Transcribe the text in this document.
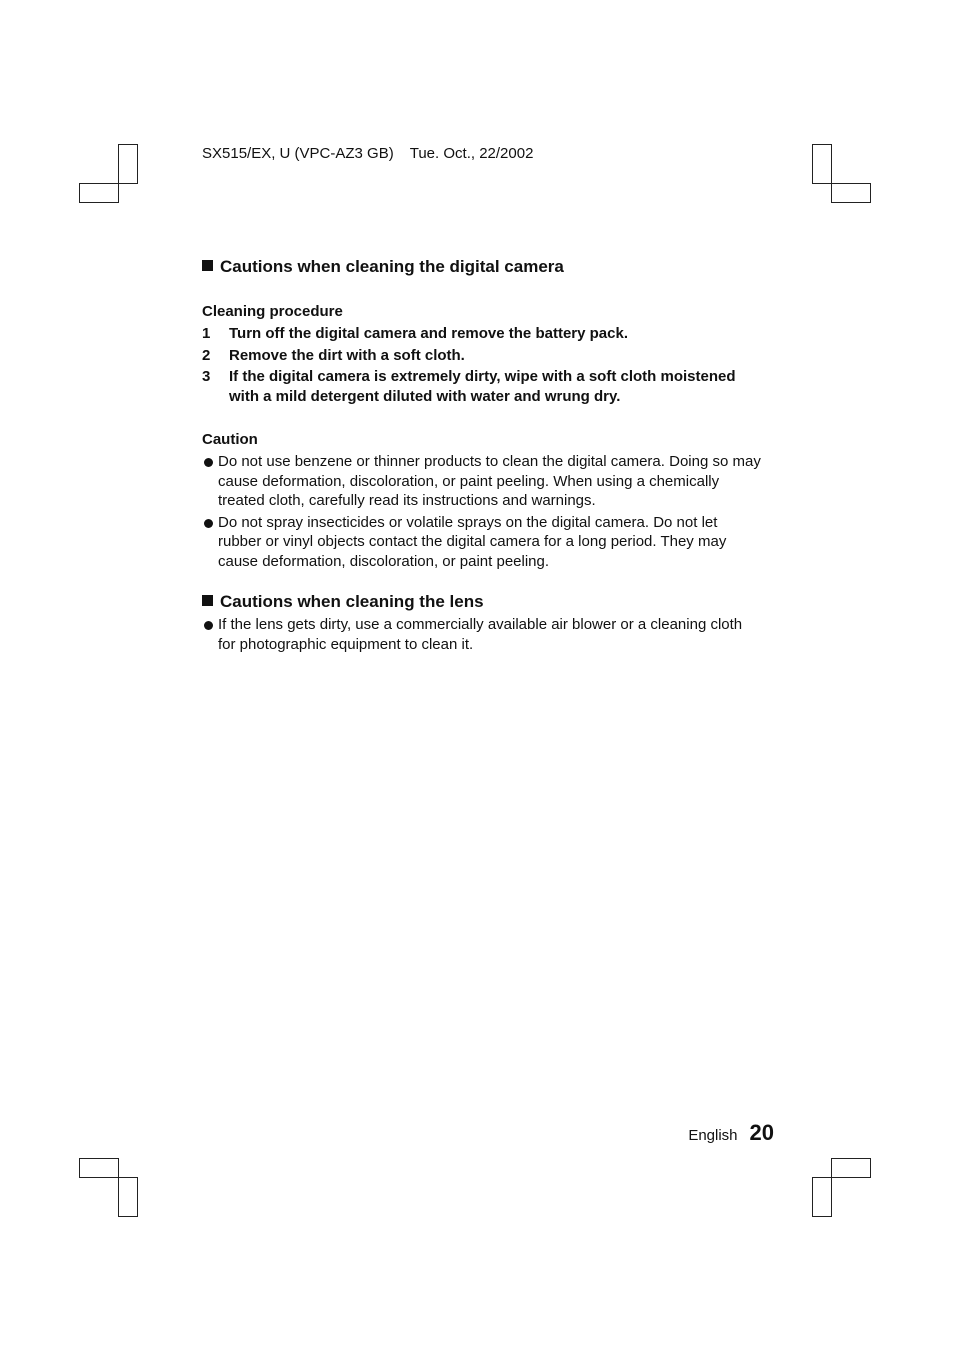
SX515/EX, U (VPC-AZ3 GB) Tue. Oct., 22/2002
Cautions when cleaning the digital camera
Cleaning procedure
1	Turn off the digital camera and remove the battery pack.
2	Remove the dirt with a soft cloth.
3	If the digital camera is extremely dirty, wipe with a soft cloth moistened with a mild detergent diluted with water and wrung dry.
Caution
Do not use benzene or thinner products to clean the digital camera. Doing so may cause deformation, discoloration, or paint peeling. When using a chemically treated cloth, carefully read its instructions and warnings.
Do not spray insecticides or volatile sprays on the digital camera. Do not let rubber or vinyl objects contact the digital camera for a long period. They may cause deformation, discoloration, or paint peeling.
Cautions when cleaning the lens
If the lens gets dirty, use a commercially available air blower or a cleaning cloth for photographic equipment to clean it.
English 20
